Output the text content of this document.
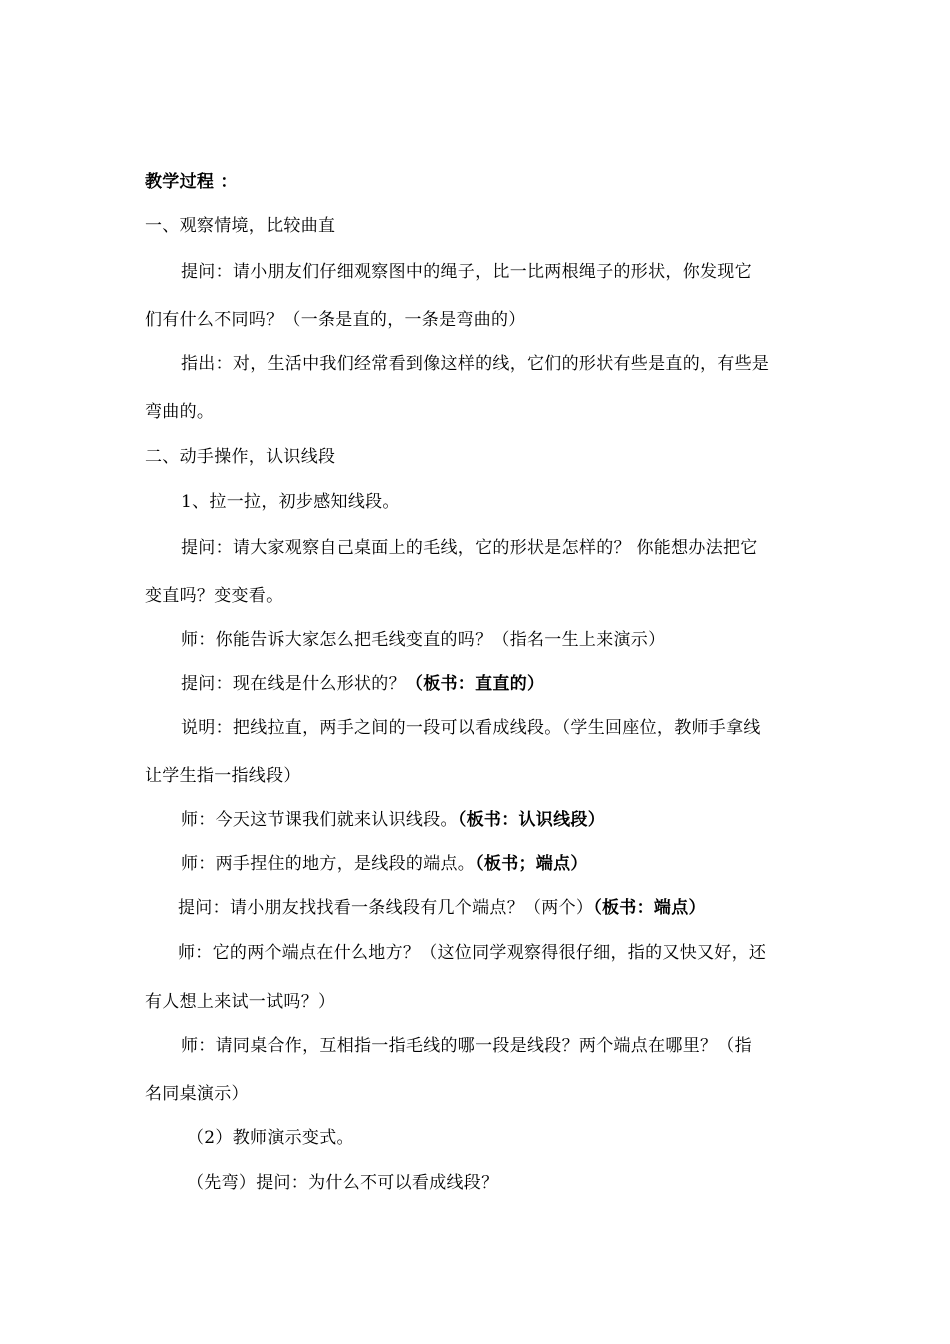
教学过程 ：
一、观察情境，比较曲直
提问：请小朋友们仔细观察图中的绳子，比一比两根绳子的形状，你发现它
们有什么不同吗？（一条是直的，一条是弯曲的）
指出：对，生活中我们经常看到像这样的线，它们的形状有些是直的，有些是
弯曲的。
二、动手操作，认识线段
1、拉一拉，初步感知线段。
提问：请大家观察自己桌面上的毛线，它的形状是怎样的？ 你能想办法把它
变直吗？变变看。
师：你能告诉大家怎么把毛线变直的吗？（指名一生上来演示）
提问：现在线是什么形状的？（板书：直直的）
说明：把线拉直，两手之间的一段可以看成线段。（学生回座位，教师手拿线
让学生指一指线段）
师：今天这节课我们就来认识线段。（板书：认识线段）
师：两手捏住的地方，是线段的端点。（板书；端点）
提问：请小朋友找找看一条线段有几个端点？（两个）（板书：端点）
师：它的两个端点在什么地方？（这位同学观察得很仔细，指的又快又好，还
有人想上来试一试吗？）
师：请同桌合作，互相指一指毛线的哪一段是线段？两个端点在哪里？（指
名同桌演示）
（2）教师演示变式。
（先弯）提问：为什么不可以看成线段？
